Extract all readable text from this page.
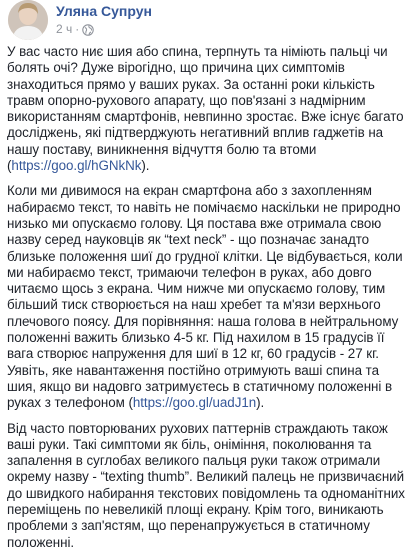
Уляна Супрун
2 ч ·

У вас часто ниє шия або спина, терпнуть та німіють пальці чи болять очі? Дуже вірогідно, що причина цих симптомів знаходиться прямо у ваших руках. За останні роки кількість травм опорно-рухового апарату, що пов'язані з надмірним використанням смартфонів, невпинно зростає. Вже існує багато досліджень, які підтверджують негативний вплив гаджетів на нашу поставу, виникнення відчуття болю та втоми (https://goo.gl/hGNkNk).

Коли ми дивимося на екран смартфона або з захопленням набираємо текст, то навіть не помічаємо наскільки не природно низько ми опускаємо голову. Ця постава вже отримала свою назву серед науковців як “text neck” - що позначає занадто близьке положення шиї до грудної клітки. Це відбувається, коли ми набираємо текст, тримаючи телефон в руках, або довго читаємо щось з екрана. Чим нижче ми опускаємо голову, тим більший тиск створюється на наш хребет та м'язи верхнього плечового поясу. Для порівняння: наша голова в нейтральному положенні важить близько 4-5 кг. Під нахилом в 15 градусів її вага створює напруження для шиї в 12 кг, 60 градусів - 27 кг. Уявіть, яке навантаження постійно отримують ваші спина та шия, якщо ви надовго затримуєтесь в статичному положенні в руках з телефоном (https://goo.gl/uadJ1n).

Від часто повторюваних рухових паттернів страждають також ваші руки. Такі симптоми як біль, оніміння, поколювання та запалення в суглобах великого пальця руки також отримали окрему назву - “texting thumb”. Великий палець не призвичаєний до швидкого набирання текстових повідомлень та одноманітних переміщень по невеликій площі екрану. Крім того, виникають проблеми з зап'ястям, що перенапружується в статичному положенні.
